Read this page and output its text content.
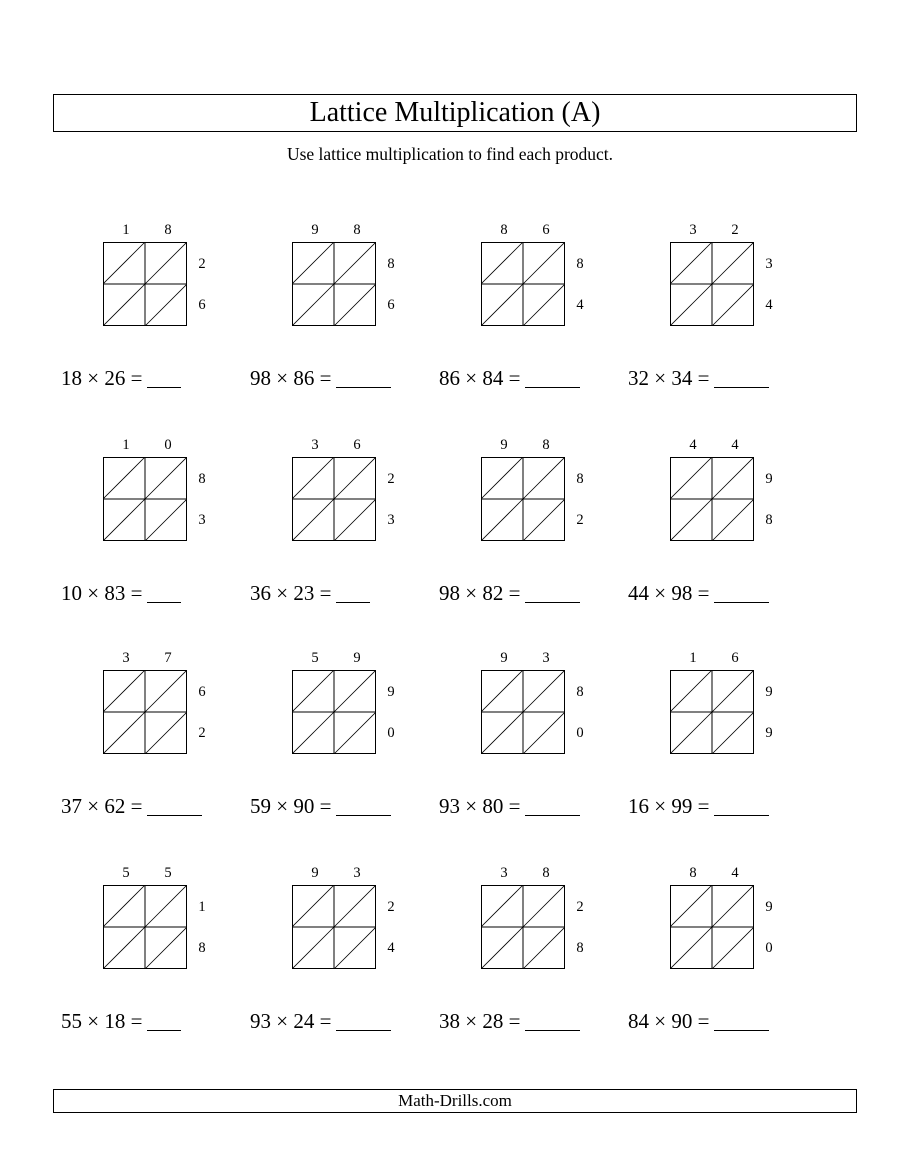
Lattice Multiplication (A)
Use lattice multiplication to find each product.
1	8
2
6
18 × 26 =
9	8
8
6
98 × 86 =
8	6
8
4
86 × 84 =
3	2
3
4
32 × 34 =
1	0
8
3
10 × 83 =
3	6
2
3
36 × 23 =
9	8
8
2
98 × 82 =
4	4
9
8
44 × 98 =
3	7
6
2
37 × 62 =
5	9
9
0
59 × 90 =
9	3
8
0
93 × 80 =
1	6
9
9
16 × 99 =
5	5
1
8
55 × 18 =
9	3
2
4
93 × 24 =
3	8
2
8
38 × 28 =
8	4
9
0
84 × 90 =
Math-Drills.com
